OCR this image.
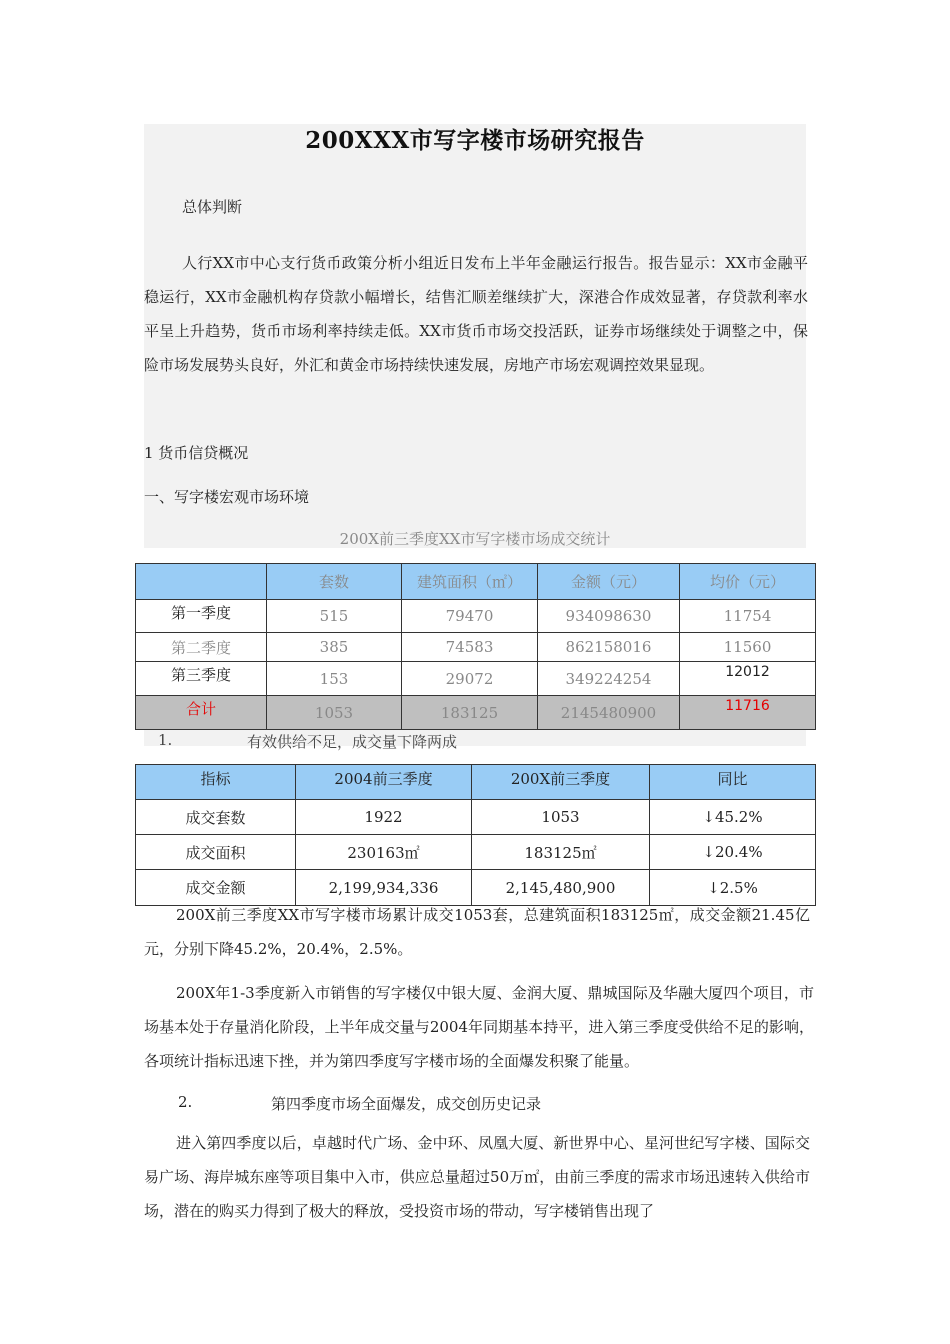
200XXX市写字楼市场研究报告
总体判断
人行XX市中心支行货币政策分析小组近日发布上半年金融运行报告。报告显示：XX市金融平稳运行，XX市金融机构存贷款小幅增长，结售汇顺差继续扩大，深港合作成效显著，存贷款利率水平呈上升趋势，货币市场利率持续走低。XX市货币市场交投活跃，证券市场继续处于调整之中，保险市场发展势头良好，外汇和黄金市场持续快速发展，房地产市场宏观调控效果显现。
1 货币信贷概况
一、写字楼宏观市场环境
200X前三季度XX市写字楼市场成交统计
	套数	建筑面积（㎡）	金额（元）	均价（元）
第一季度	515	79470	934098630	11754
第二季度	385	74583	862158016	11560
第三季度	153	29072	349224254	12012
合计	1053	183125	2145480900	11716
1.	有效供给不足，成交量下降两成
指标	2004前三季度	200X前三季度	同比
成交套数	1922	1053	↓45.2%
成交面积	230163㎡	183125㎡	↓20.4%
成交金额	2,199,934,336	2,145,480,900	↓2.5%
200X前三季度XX市写字楼市场累计成交1053套，总建筑面积183125㎡，成交金额21.45亿元，分别下降45.2%，20.4%，2.5%。
200X年1-3季度新入市销售的写字楼仅中银大厦、金润大厦、鼎城国际及华融大厦四个项目，市场基本处于存量消化阶段，上半年成交量与2004年同期基本持平，进入第三季度受供给不足的影响，各项统计指标迅速下挫，并为第四季度写字楼市场的全面爆发积聚了能量。
2.	第四季度市场全面爆发，成交创历史记录
进入第四季度以后，卓越时代广场、金中环、凤凰大厦、新世界中心、星河世纪写字楼、国际交易广场、海岸城东座等项目集中入市，供应总量超过50万㎡，由前三季度的需求市场迅速转入供给市场，潜在的购买力得到了极大的释放，受投资市场的带动，写字楼销售出现了
